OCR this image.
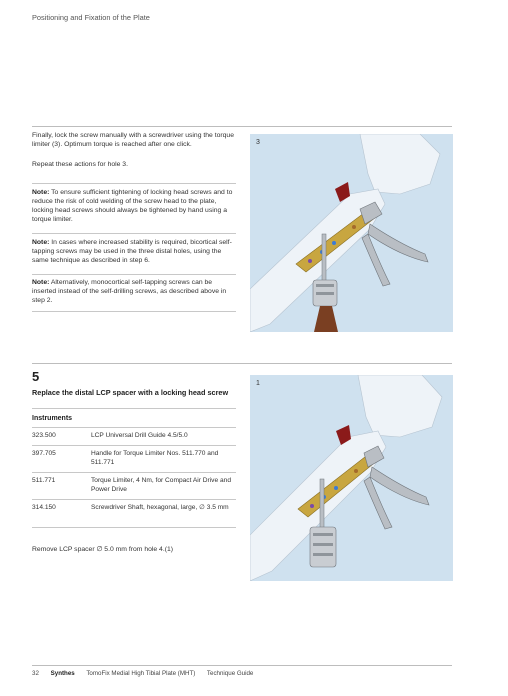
Positioning and Fixation of the Plate
Finally, lock the screw manually with a screwdriver using the torque limiter (3). Optimum torque is reached after one click.
Repeat these actions for hole 3.
Note: To ensure sufficient tightening of locking head screws and to reduce the risk of cold welding of the screw head to the plate, locking head screws should always be tightened by hand using a torque limiter.
Note: In cases where increased stability is required, bicortical self-tapping screws may be used in the three distal holes, using the same technique as described in step 6.
Note: Alternatively, monocortical self-tapping screws can be inserted instead of the self-drilling screws, as described above in step 2.
3
5
Replace the distal LCP spacer with a locking head screw
Instruments
323.500	LCP Universal Drill Guide 4.5/5.0
397.705	Handle for Torque Limiter Nos. 511.770 and 511.771
511.771	Torque Limiter, 4 Nm, for Compact Air Drive and Power Drive
314.150	Screwdriver Shaft, hexagonal, large, ∅ 3.5 mm
Remove LCP spacer ∅ 5.0 mm from hole 4.(1)
1
32 Synthes TomoFix Medial High Tibial Plate (MHT) Technique Guide
